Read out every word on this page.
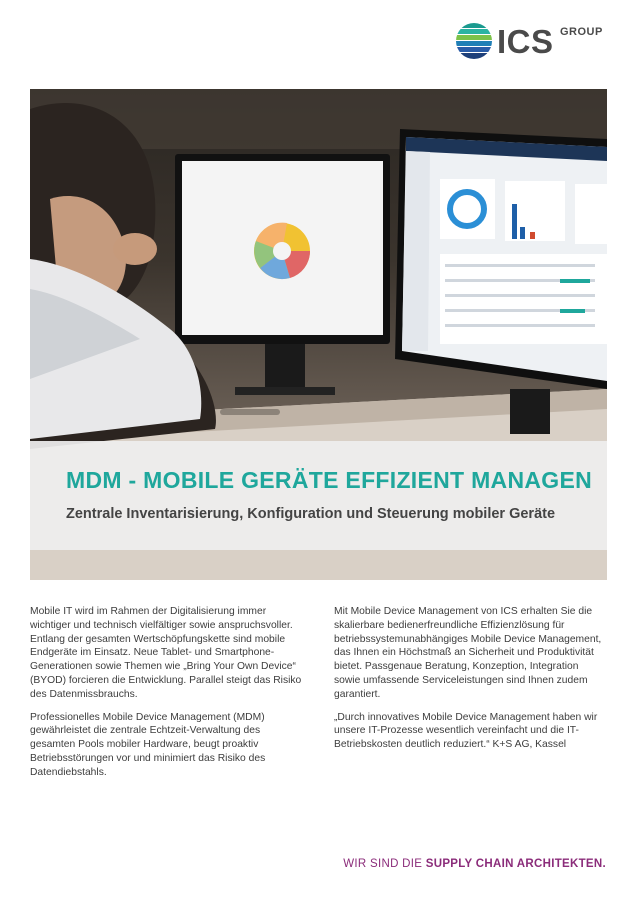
ICS GROUP
MDM - MOBILE GERÄTE EFFIZIENT MANAGEN
Zentrale Inventarisierung, Konfiguration und Steuerung mobiler Geräte

Mobile IT wird im Rahmen der Digitalisierung immer wichtiger und technisch vielfältiger sowie anspruchsvoller. Entlang der gesamten Wertschöpfungskette sind mobile Endgeräte im Einsatz. Neue Tablet- und Smartphone-Generationen sowie Themen wie „Bring Your Own Device“ (BYOD) forcieren die Entwicklung. Parallel steigt das Risiko des Datenmissbrauchs.

Professionelles Mobile Device Management (MDM) gewährleistet die zentrale Echtzeit-Verwaltung des gesamten Pools mobiler Hardware, beugt proaktiv Betriebsstörungen vor und minimiert das Risiko des Datendiebstahls.

Mit Mobile Device Management von ICS erhalten Sie die skalierbare bedienerfreundliche Effizienzlösung für betriebssystemunabhängiges Mobile Device Management, das Ihnen ein Höchstmaß an Sicherheit und Produktivität bietet. Passgenaue Beratung, Konzeption, Integration sowie umfassende Serviceleistungen sind Ihnen zudem garantiert.

„Durch innovatives Mobile Device Management haben wir unsere IT-Prozesse wesentlich vereinfacht und die IT-Betriebskosten deutlich reduziert.“ K+S AG, Kassel

WIR SIND DIE SUPPLY CHAIN ARCHITEKTEN.
